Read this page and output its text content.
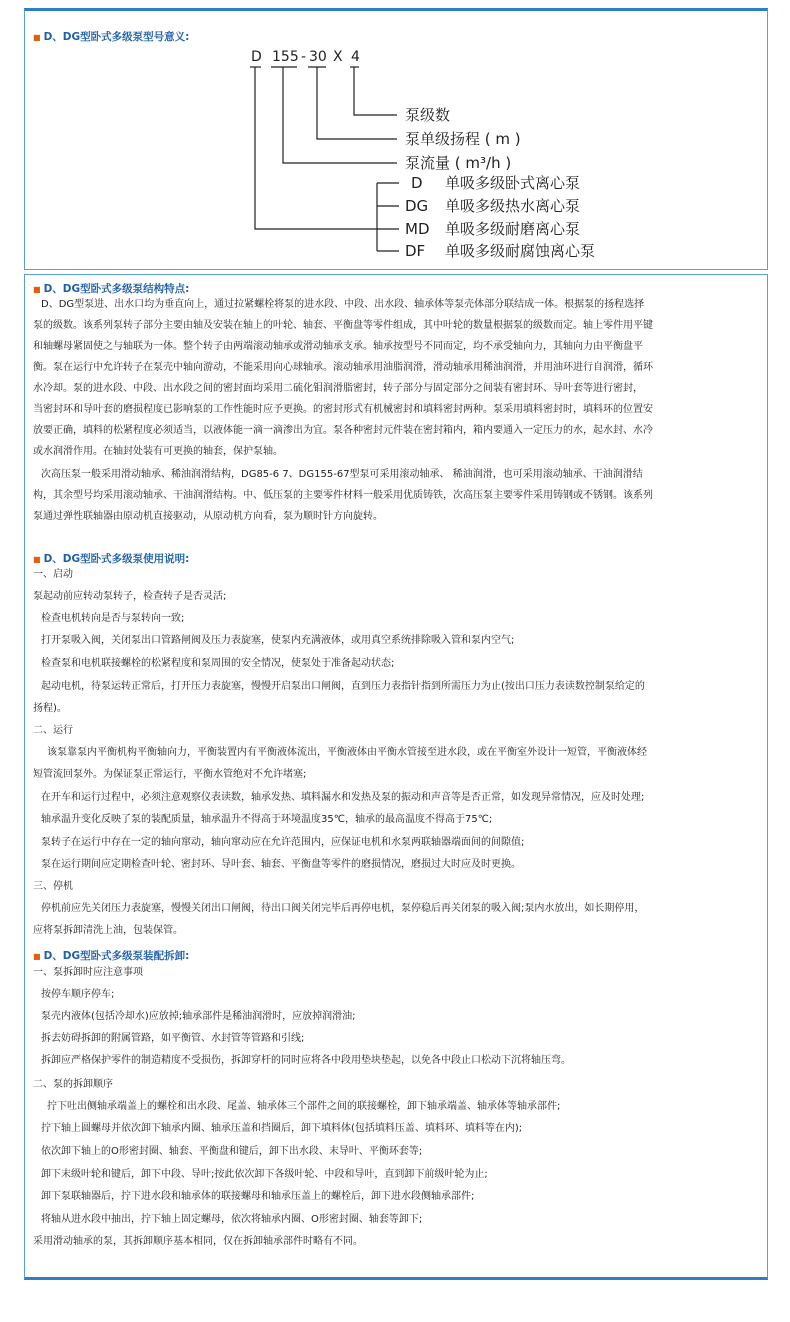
■ D、DG型卧式多级泵型号意义:
D 155 - 30 X 4
泵级数
泵单级扬程 ( m )
泵流量 ( m³/h )
D 单吸多级卧式离心泵
DG 单吸多级热水离心泵
MD 单吸多级耐磨离心泵
DF 单吸多级耐腐蚀离心泵
■ D、DG型卧式多级泵结构特点:
D、DG型泵进、出水口均为垂直向上，通过拉紧螺栓将泵的进水段、中段、出水段、轴承体等泵壳体部分联结成一体。根据泵的扬程选择
泵的级数。该系列泵转子部分主要由轴及安装在轴上的叶轮、轴套、平衡盘等零件组成，其中叶轮的数量根据泵的级数而定。轴上零件用平键
和轴螺母紧固使之与轴联为一体。整个转子由两端滚动轴承或滑动轴承支承。轴承按型号不同而定，均不承受轴向力，其轴向力由平衡盘平
衡。泵在运行中允许转子在泵壳中轴向游动，不能采用向心球轴承。滚动轴承用油脂润滑，滑动轴承用稀油润滑，并用油环进行自润滑，循环
水冷却。泵的进水段、中段、出水段之间的密封面均采用二硫化钼润滑脂密封，转子部分与固定部分之间装有密封环、导叶套等进行密封，
当密封环和导叶套的磨损程度已影响泵的工作性能时应予更换。的密封形式有机械密封和填料密封两种。泵采用填料密封时，填料环的位置安
放要正确，填料的松紧程度必须适当，以液体能一滴一滴渗出为宜。泵各种密封元件装在密封箱内，箱内要通入一定压力的水，起水封、水冷
或水润滑作用。在轴封处装有可更换的轴套，保护泵轴。
次高压泵一般采用滑动轴承、稀油润滑结构，DG85-6 7、DG155-67型泵可采用滚动轴承、 稀油润滑，也可采用滚动轴承、干油润滑结
构，其余型号均采用滚动轴承、干油润滑结构。中、低压泵的主要零件材料一般采用优质铸铁，次高压泵主要零件采用铸钢或不锈钢。该系列
泵通过弹性联轴器由原动机直接驱动，从原动机方向看，泵为顺时针方向旋转。
■ D、DG型卧式多级泵使用说明:
一、启动
泵起动前应转动泵转子，检查转子是否灵活;
检查电机转向是否与泵转向一致;
打开泵吸入阀，关闭泵出口管路闸阀及压力表旋塞，使泵内充满液体，或用真空系统排除吸入管和泵内空气;
检查泵和电机联接螺栓的松紧程度和泵周围的安全情况，使泵处于准备起动状态;
起动电机，待泵运转正常后，打开压力表旋塞，慢慢开启泵出口闸阀，直到压力表指针指到所需压力为止(按出口压力表读数控制泵给定的
扬程)。
二、运行
该泵靠泵内平衡机构平衡轴向力，平衡装置内有平衡液体流出，平衡液体由平衡水管接至进水段，或在平衡室外设计一短管，平衡液体经
短管流回泵外。为保证泵正常运行，平衡水管绝对不允许堵塞;
在开车和运行过程中，必须注意观察仪表读数，轴承发热、填料漏水和发热及泵的振动和声音等是否正常，如发现异常情况，应及时处理;
轴承温升变化反映了泵的装配质量，轴承温升不得高于环境温度35℃，轴承的最高温度不得高于75℃;
泵转子在运行中存在一定的轴向窜动，轴向窜动应在允许范围内，应保证电机和水泵两联轴器端面间的间隙值;
泵在运行期间应定期检查叶轮、密封环、导叶套、轴套、平衡盘等零件的磨损情况，磨损过大时应及时更换。
三、停机
停机前应先关闭压力表旋塞，慢慢关闭出口闸阀，待出口阀关闭完毕后再停电机，泵停稳后再关闭泵的吸入阀;泵内水放出，如长期停用，
应将泵拆卸清洗上油，包装保管。
■ D、DG型卧式多级泵装配拆卸:
一、泵拆卸时应注意事项
按停车顺序停车;
泵壳内液体(包括冷却水)应放掉;轴承部件是稀油润滑时，应放掉润滑油;
拆去妨碍拆卸的附属管路，如平衡管、水封管等管路和引线;
拆卸应严格保护零件的制造精度不受损伤，拆卸穿杆的同时应将各中段用垫块垫起，以免各中段止口松动下沉将轴压弯。
二、泵的拆卸顺序
拧下吐出侧轴承端盖上的螺栓和出水段、尾盖、轴承体三个部件之间的联接螺栓，卸下轴承端盖、轴承体等轴承部件;
拧下轴上圆螺母并依次卸下轴承内圈、轴承压盖和挡圈后，卸下填料体(包括填料压盖、填料环、填料等在内);
依次卸下轴上的O形密封圈、轴套、平衡盘和键后，卸下出水段、末导叶、平衡环套等;
卸下末级叶轮和键后，卸下中段、导叶;按此依次卸下各级叶轮、中段和导叶，直到卸下前级叶轮为止;
卸下泵联轴器后，拧下进水段和轴承体的联接螺母和轴承压盖上的螺栓后，卸下进水段侧轴承部件;
将轴从进水段中抽出，拧下轴上固定螺母，依次将轴承内圈、O形密封圈、轴套等卸下;
采用滑动轴承的泵，其拆卸顺序基本相同，仅在拆卸轴承部件时略有不同。
